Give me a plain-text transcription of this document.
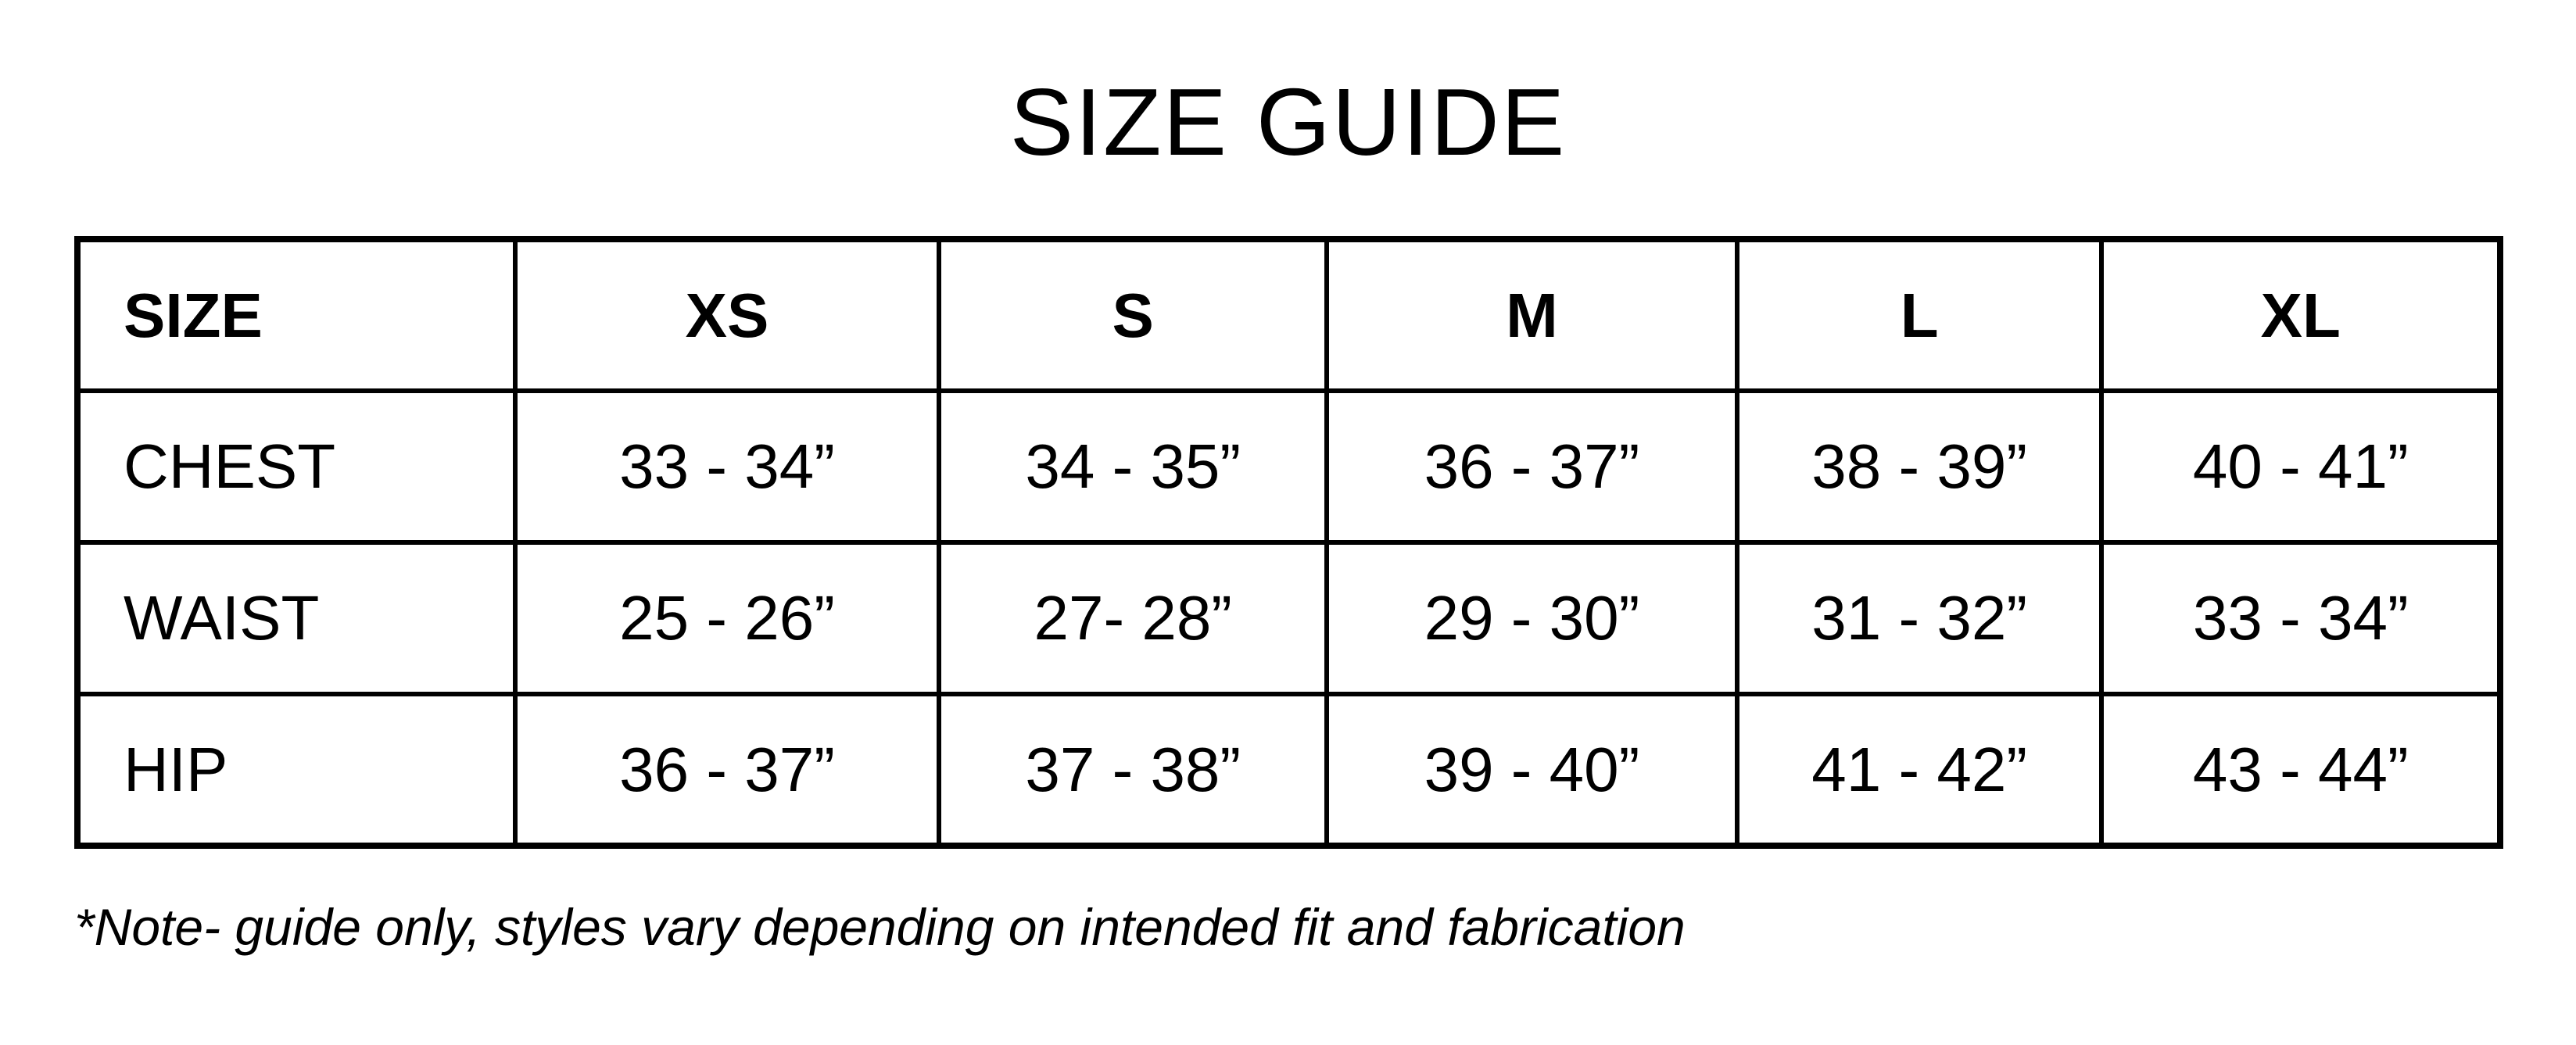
SIZE GUIDE
SIZE	XS	S	M	L	XL
CHEST	33 - 34”	34 - 35”	36 - 37”	38 - 39”	40 - 41”
WAIST	25 - 26”	27- 28”	29 - 30”	31 - 32”	33 - 34”
HIP	36 - 37”	37 - 38”	39 - 40”	41 - 42”	43 - 44”
*Note- guide only, styles vary depending on intended fit and fabrication
